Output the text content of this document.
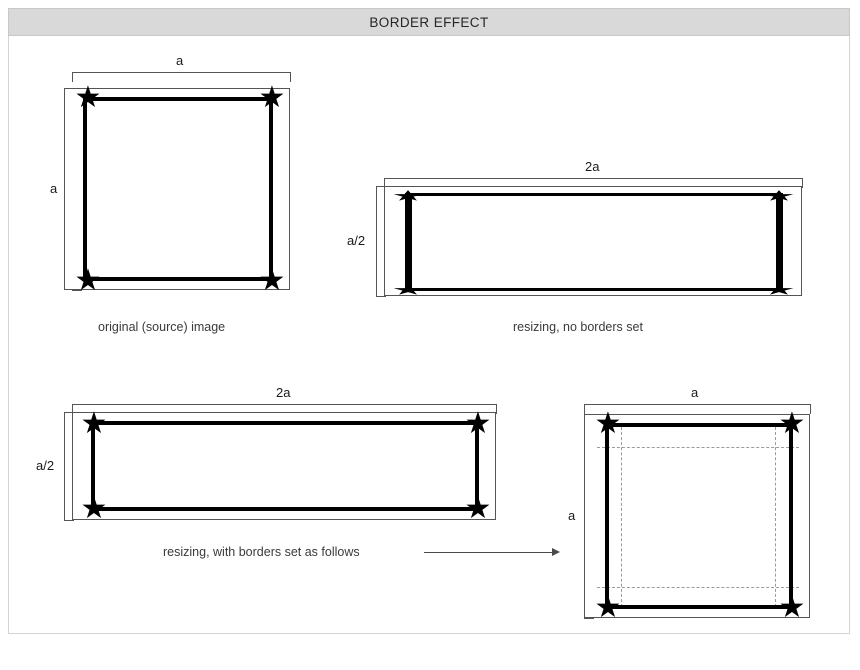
BORDER EFFECT
a
a
★	★
★	★
original (source) image
2a
a/2
★	★
★	★
resizing, no borders set
2a
a/2
★	★
★	★
resizing, with borders set as follows
a
a
★	★
★	★
